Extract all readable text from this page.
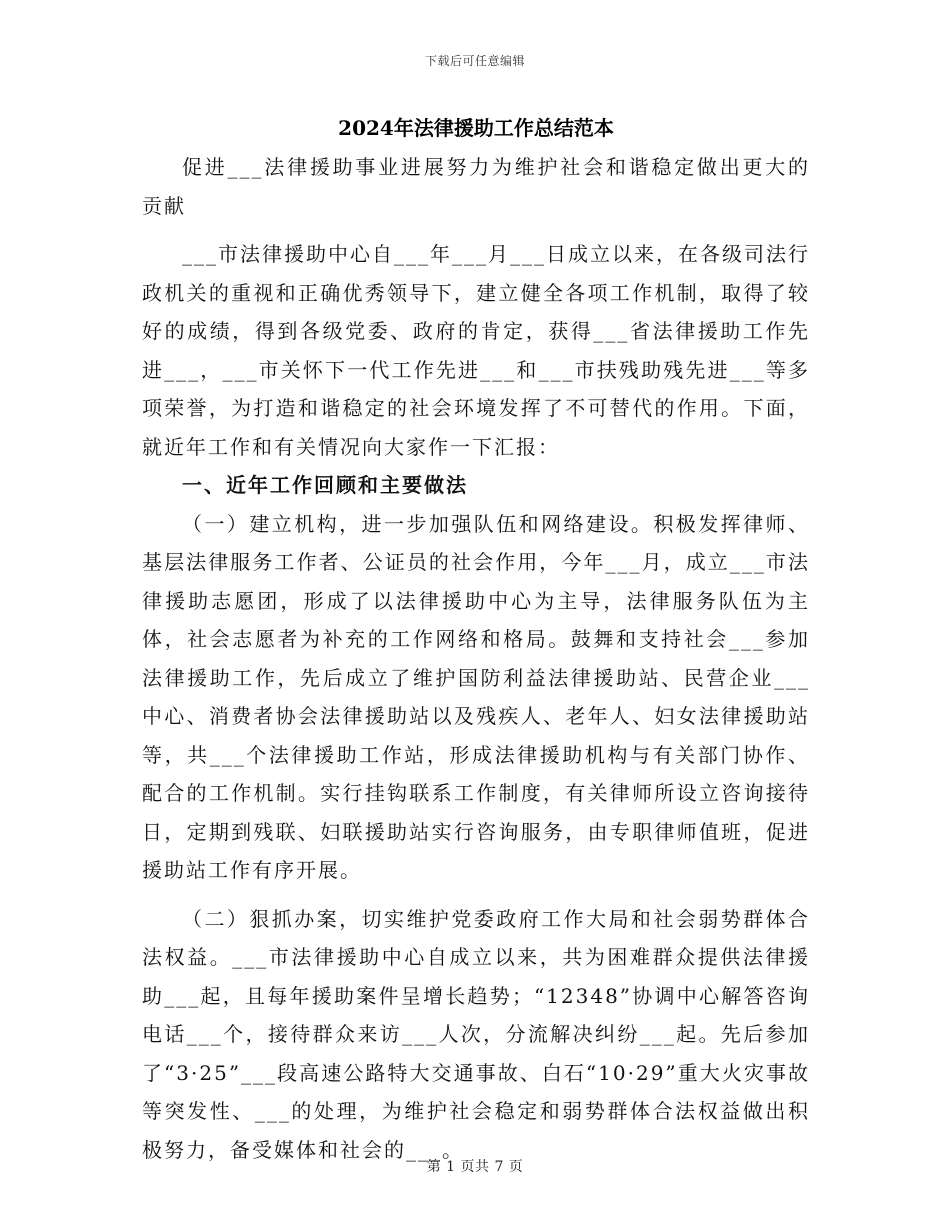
下载后可任意编辑
2024年法律援助工作总结范本

促进___法律援助事业进展努力为维护社会和谐稳定做出更大的贡献

___市法律援助中心自___年___月___日成立以来，在各级司法行政机关的重视和正确优秀领导下，建立健全各项工作机制，取得了较好的成绩，得到各级党委、政府的肯定，获得___省法律援助工作先进___，___市关怀下一代工作先进___和___市扶残助残先进___等多项荣誉，为打造和谐稳定的社会环境发挥了不可替代的作用。下面，就近年工作和有关情况向大家作一下汇报：

一、近年工作回顾和主要做法

（一）建立机构，进一步加强队伍和网络建设。积极发挥律师、基层法律服务工作者、公证员的社会作用，今年___月，成立___市法律援助志愿团，形成了以法律援助中心为主导，法律服务队伍为主体，社会志愿者为补充的工作网络和格局。鼓舞和支持社会___参加法律援助工作，先后成立了维护国防利益法律援助站、民营企业___中心、消费者协会法律援助站以及残疾人、老年人、妇女法律援助站等，共___个法律援助工作站，形成法律援助机构与有关部门协作、配合的工作机制。实行挂钩联系工作制度，有关律师所设立咨询接待日，定期到残联、妇联援助站实行咨询服务，由专职律师值班，促进援助站工作有序开展。

（二）狠抓办案，切实维护党委政府工作大局和社会弱势群体合法权益。___市法律援助中心自成立以来，共为困难群众提供法律援助___起，且每年援助案件呈增长趋势；“12348”协调中心解答咨询电话___个，接待群众来访___人次，分流解决纠纷___起。先后参加了“3·25”___段高速公路特大交通事故、白石“10·29”重大火灾事故等突发性、___的处理，为维护社会稳定和弱势群体合法权益做出积极努力，备受媒体和社会的___。

第 1 页共 7 页
